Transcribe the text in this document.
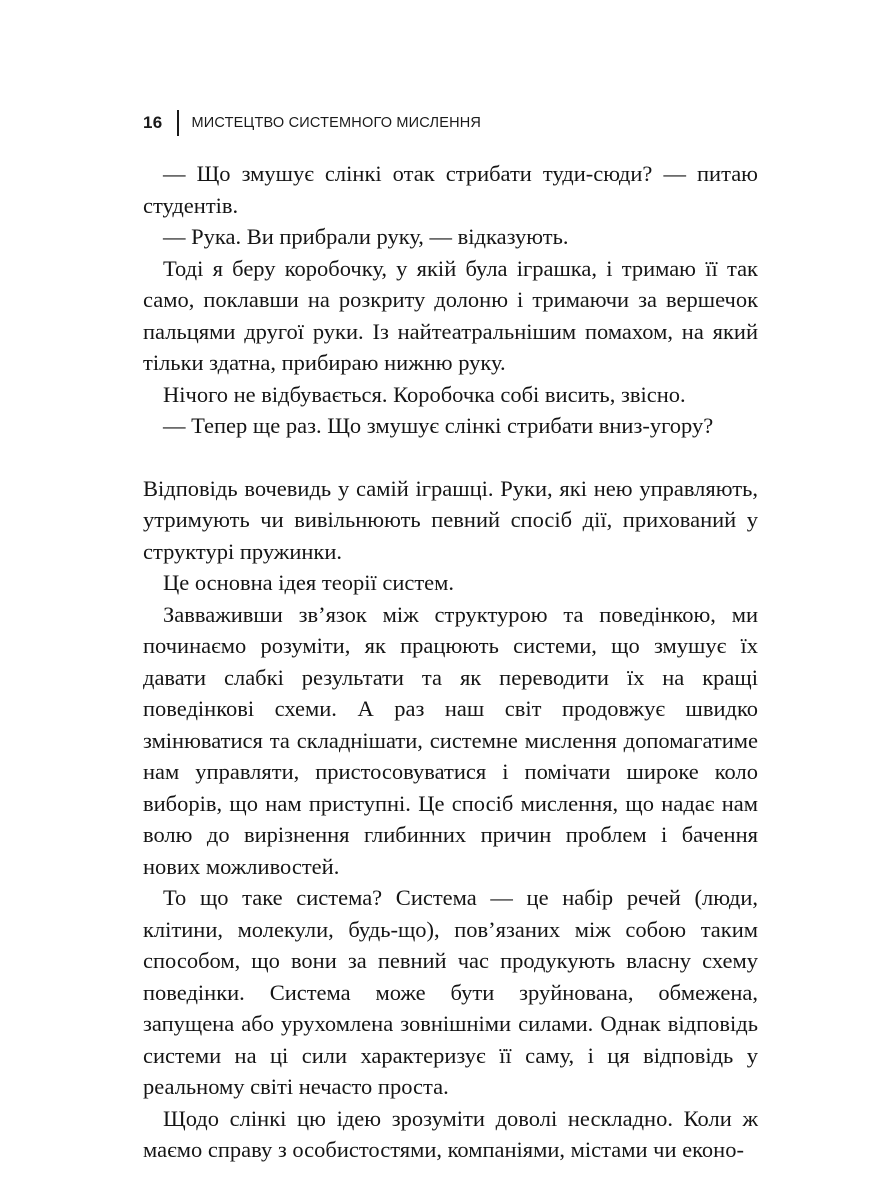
16 МИСТЕЦТВО СИСТЕМНОГО МИСЛЕННЯ

— Що змушує слінкі отак стрибати туди-сюди? — питаю студентів.

— Рука. Ви прибрали руку, — відказують.

Тоді я беру коробочку, у якій була іграшка, і тримаю її так само, поклавши на розкриту долоню і тримаючи за вершечок пальцями другої руки. Із найтеатральнішим помахом, на який тільки здатна, прибираю нижню руку.

Нічого не відбувається. Коробочка собі висить, звісно.

— Тепер ще раз. Що змушує слінкі стрибати вниз-угору?

Відповідь вочевидь у самій іграшці. Руки, які нею управляють, утримують чи вивільнюють певний спосіб дії, прихований у структурі пружинки.

Це основна ідея теорії систем.

Завваживши зв’язок між структурою та поведінкою, ми починаємо розуміти, як працюють системи, що змушує їх давати слабкі результати та як переводити їх на кращі поведінкові схеми. А раз наш світ продовжує швидко змінюватися та складнішати, системне мислення допомагатиме нам управляти, пристосовуватися і помічати широке коло виборів, що нам приступні. Це спосіб мислення, що надає нам волю до вирізнення глибинних причин проблем і бачення нових можливостей.

То що таке система? Система — це набір речей (люди, клітини, молекули, будь-що), пов’язаних між собою таким способом, що вони за певний час продукують власну схему поведінки. Система може бути зруйнована, обмежена, запущена або урухомлена зовнішніми силами. Однак відповідь системи на ці сили характеризує її саму, і ця відповідь у реальному світі нечасто проста.

Щодо слінкі цю ідею зрозуміти доволі нескладно. Коли ж маємо справу з особистостями, компаніями, містами чи еконо-
